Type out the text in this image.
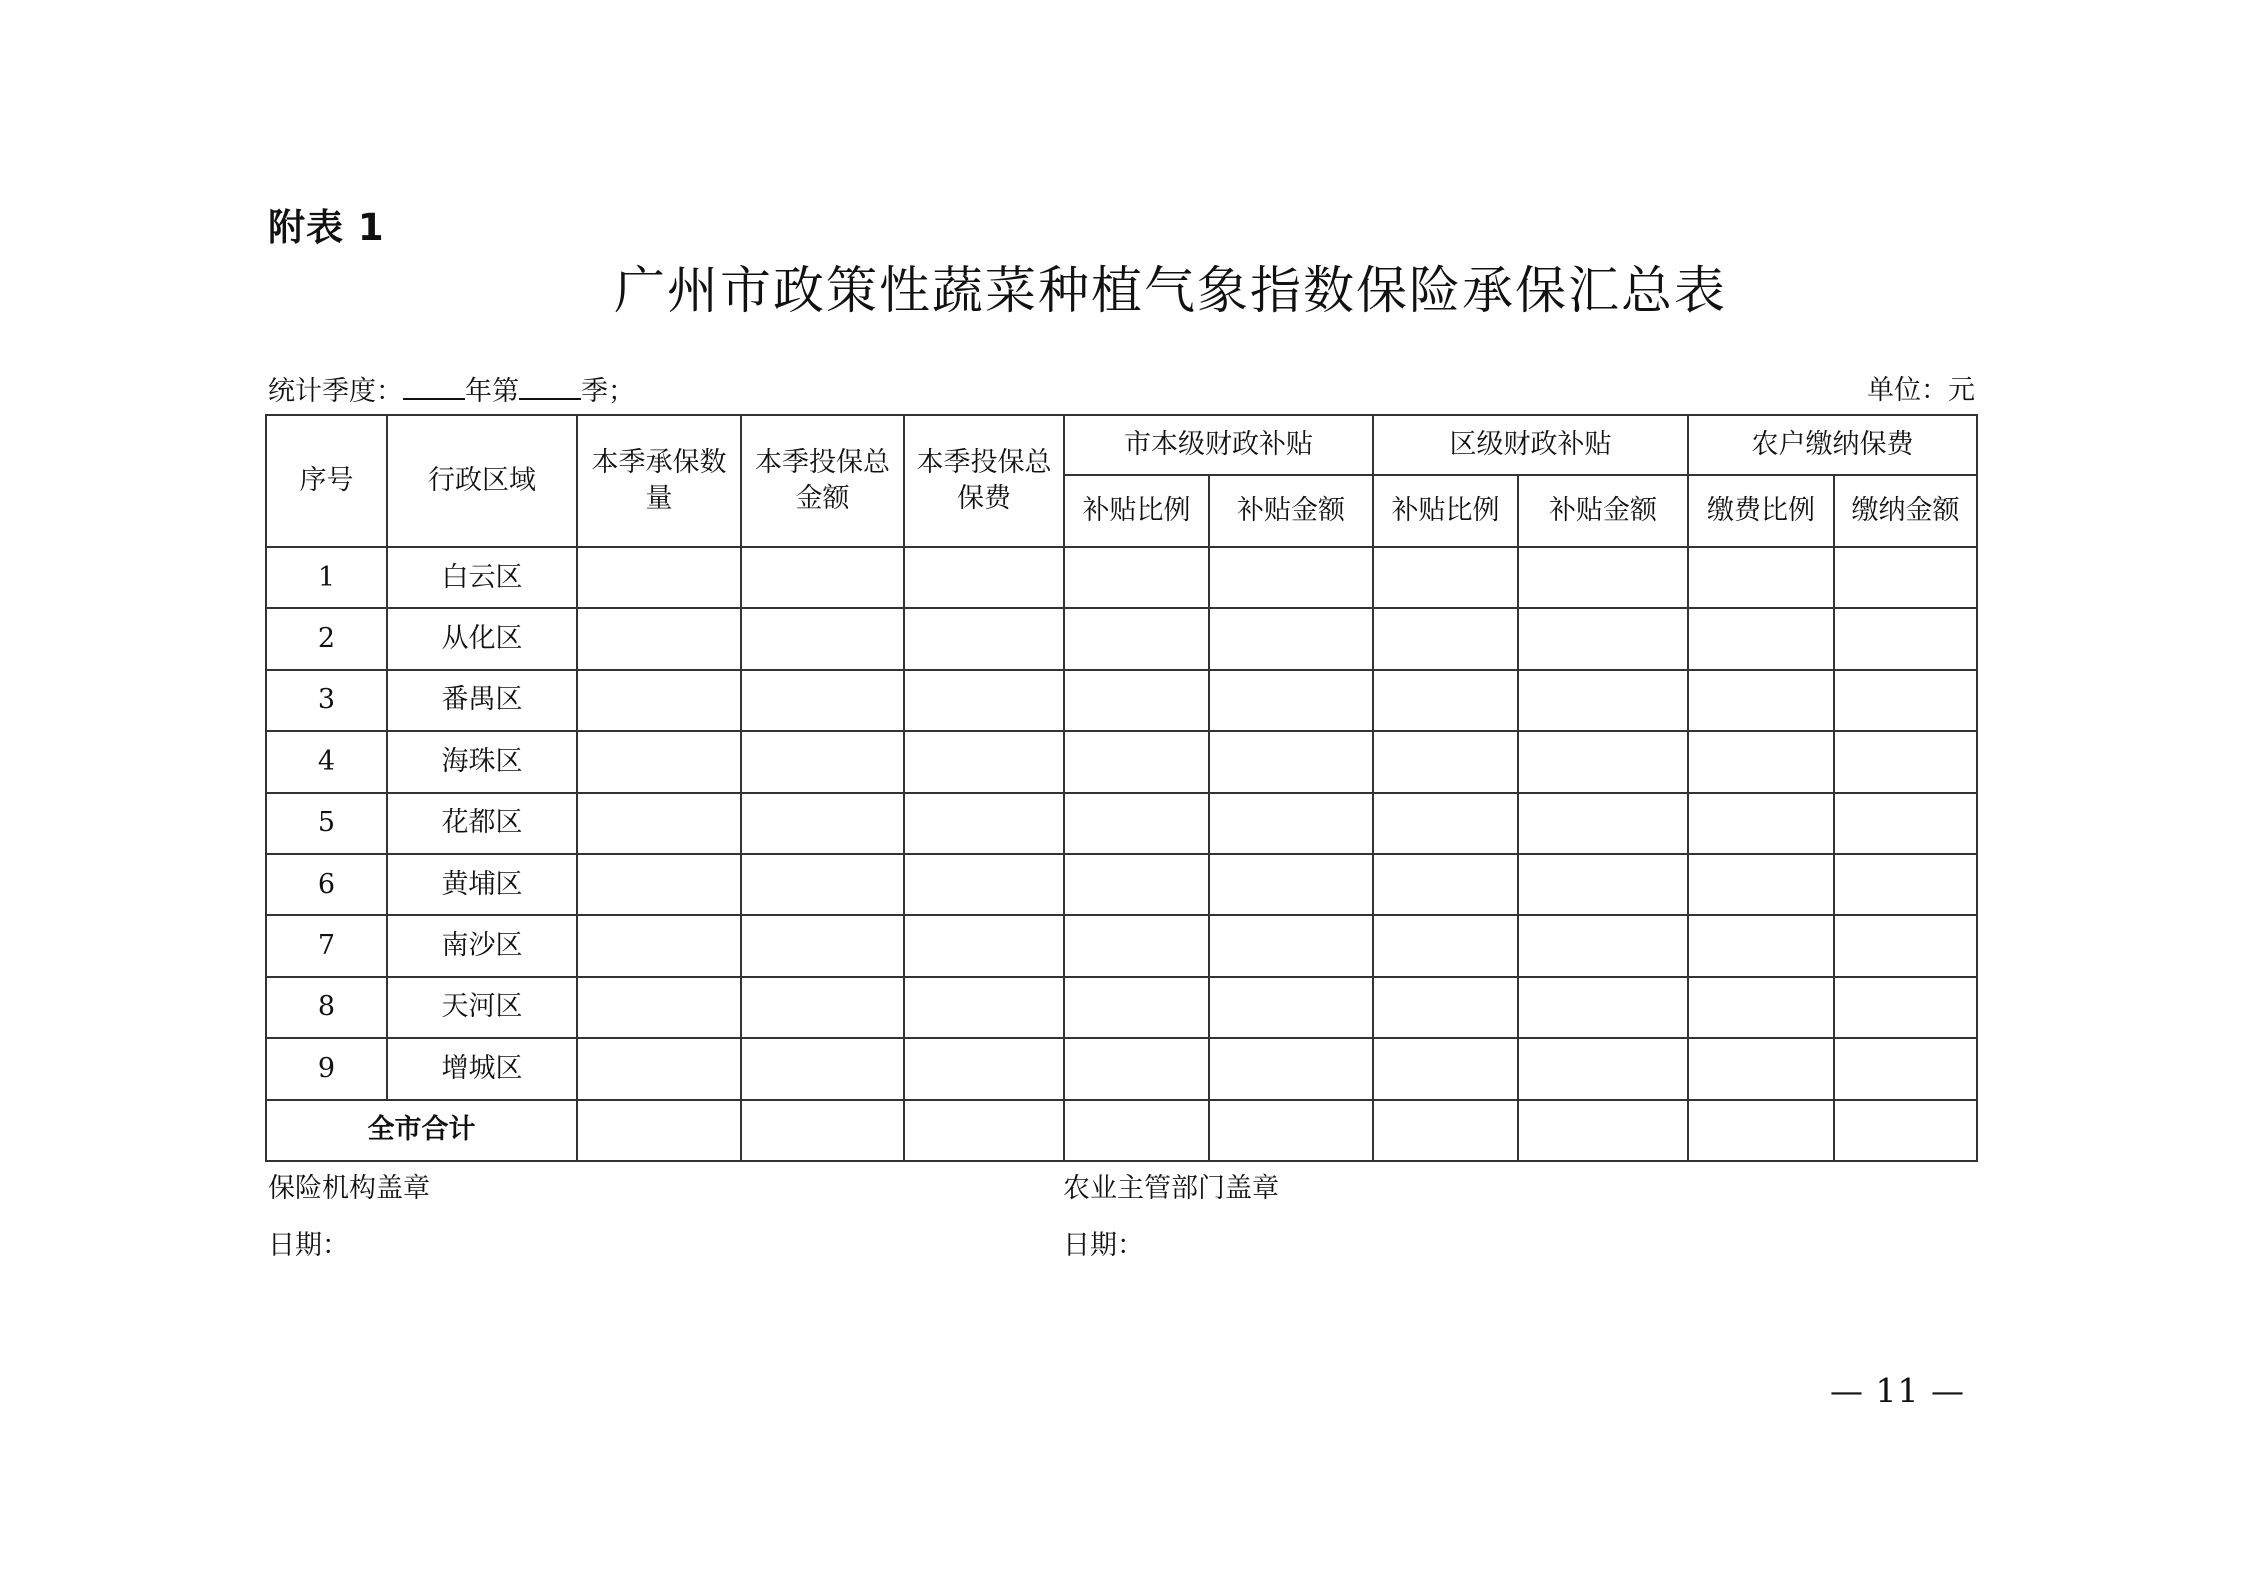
附表 1
广州市政策性蔬菜种植气象指数保险承保汇总表
统计季度： 年第 季；	单位：元
序号	行政区域	本季承保数量	本季投保总金额	本季投保总保费	市本级财政补贴		区级财政补贴		农户缴纳保费	
					补贴比例	补贴金额	补贴比例	补贴金额	缴费比例	缴纳金额
1	白云区									
2	从化区									
3	番禺区									
4	海珠区									
5	花都区									
6	黄埔区									
7	南沙区									
8	天河区									
9	增城区									
全市合计										
保险机构盖章	农业主管部门盖章
日期：	日期：
— 11 —
